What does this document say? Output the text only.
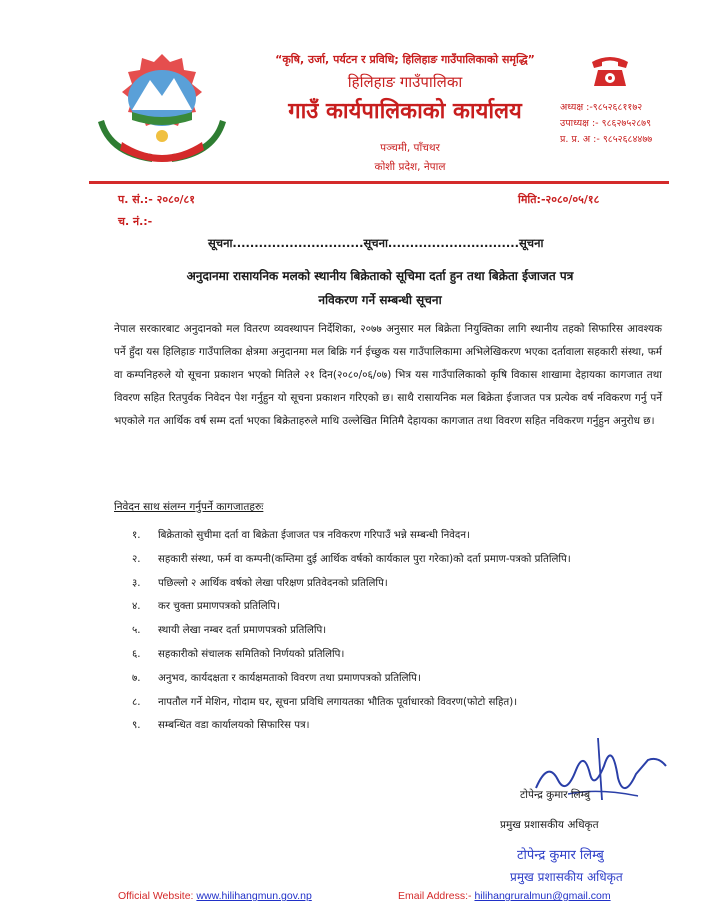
“कृषि, उर्जा, पर्यटन र प्रविधि; हिलिहाङ गाउँपालिकाको समृद्धि”
हिलिहाङ गाउँपालिका
गाउँ कार्यपालिकाको कार्यालय
पञ्चमी, पाँचथर
कोशी प्रदेश, नेपाल
अध्यक्ष :-९८५२६८११७२
उपाध्यक्ष :- ९८६२७५२८७९
प्र. प्र. अ :- ९८५२६८४४७७
प. सं.:- २०८०/८१
च. नं.:-
मिति:-२०८०/०५/१८
सूचना..............................सूचना..............................सूचना
अनुदानमा रासायनिक मलको स्थानीय बिक्रेताको सूचिमा दर्ता हुन तथा बिक्रेता ईजाजत पत्र
नविकरण गर्ने सम्बन्धी सूचना
नेपाल सरकारबाट अनुदानको मल वितरण व्यवस्थापन निर्देशिका, २०७७ अनुसार मल बिक्रेता नियुक्तिका लागि स्थानीय तहको सिफारिस आवश्यक पर्ने हुँदा यस हिलिहाङ गाउँपालिका क्षेत्रमा अनुदानमा मल बिक्रि गर्न ईच्छुक यस गाउँपालिकामा अभिलेखिकरण भएका दर्तावाला सहकारी संस्था, फर्म वा कम्पनिहरुले यो सूचना प्रकाशन भएको मितिले २१ दिन(२०८०/०६/०७) भित्र यस गाउँपालिकाको कृषि विकास शाखामा देहायका कागजात तथा विवरण सहित रितपुर्वक निवेदन पेश गर्नुहुन यो सूचना प्रकाशन गरिएको छ। साथै रासायनिक मल बिक्रेता ईजाजत पत्र प्रत्येक वर्ष नविकरण गर्नु पर्ने भएकोले गत आर्थिक वर्ष सम्म दर्ता भएका बिक्रेताहरुले माथि उल्लेखित मितिमै देहायका कागजात तथा विवरण सहित नविकरण गर्नुहुन अनुरोध छ।
निवेदन साथ संलग्न गर्नुपर्ने कागजातहरुः
१.	बिक्रेताको सुचीमा दर्ता वा बिक्रेता ईजाजत पत्र नविकरण गरिपाउँ भन्ने सम्बन्धी निवेदन।
२.	सहकारी संस्था, फर्म वा कम्पनी(कम्तिमा दुई आर्थिक वर्षको कार्यकाल पुरा गरेका)को दर्ता प्रमाण-पत्रको प्रतिलिपि।
३.	पछिल्लो २ आर्थिक वर्षको लेखा परिक्षण प्रतिवेदनको प्रतिलिपि।
४.	कर चुक्ता प्रमाणपत्रको प्रतिलिपि।
५.	स्थायी लेखा नम्बर दर्ता प्रमाणपत्रको प्रतिलिपि।
६.	सहकारीको संचालक समितिको निर्णयको प्रतिलिपि।
७.	अनुभव, कार्यदक्षता र कार्यक्षमताको विवरण तथा प्रमाणपत्रको प्रतिलिपि।
८.	नापतौल गर्ने मेशिन, गोदाम घर, सूचना प्रविधि लगायतका भौतिक पूर्वाधारको विवरण(फोटो सहित)।
९.	सम्बन्धित वडा कार्यालयको सिफारिस पत्र।
टोपेन्द्र कुमार लिम्बु
प्रमुख प्रशासकीय अधिकृत
टोपेन्द्र कुमार लिम्बु
प्रमुख प्रशासकीय अधिकृत
Official Website: www.hilihangmun.gov.np	Email Address:- hilihangruralmun@gmail.com
